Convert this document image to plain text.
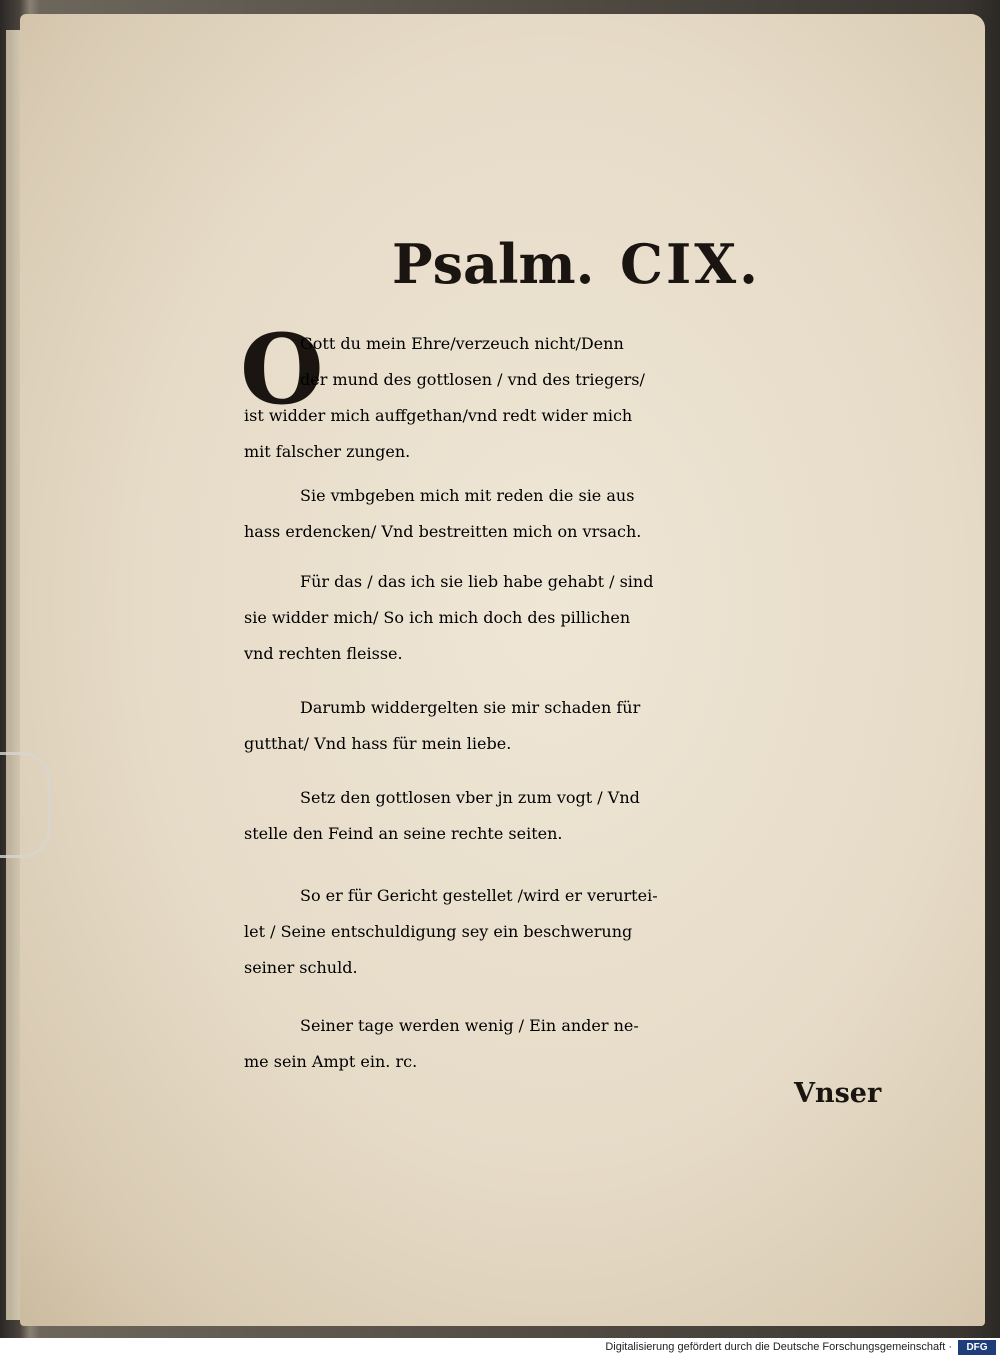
Psalm. CIX.
O
Gott du mein Ehre/verzeuch nicht/Denn
der mund des gottlosen / vnd des triegers/
ist widder mich auffgethan/vnd redt wider mich
mit falscher zungen.
Sie vmbgeben mich mit reden die sie aus
hass erdencken/ Vnd bestreitten mich on vrsach.
Für das / das ich sie lieb habe gehabt / sind
sie widder mich/ So ich mich doch des pillichen
vnd rechten fleisse.
Darumb widdergelten sie mir schaden für
gutthat/ Vnd hass für mein liebe.
Setz den gottlosen vber jn zum vogt / Vnd
stelle den Feind an seine rechte seiten.
So er für Gericht gestellet /wird er verurtei-
let / Seine entschuldigung sey ein beschwerung
seiner schuld.
Seiner tage werden wenig / Ein ander ne-
me sein Ampt ein. rc.
Vnser
Digitalisierung gefördert durch die Deutsche Forschungsgemeinschaft ·	DFG
